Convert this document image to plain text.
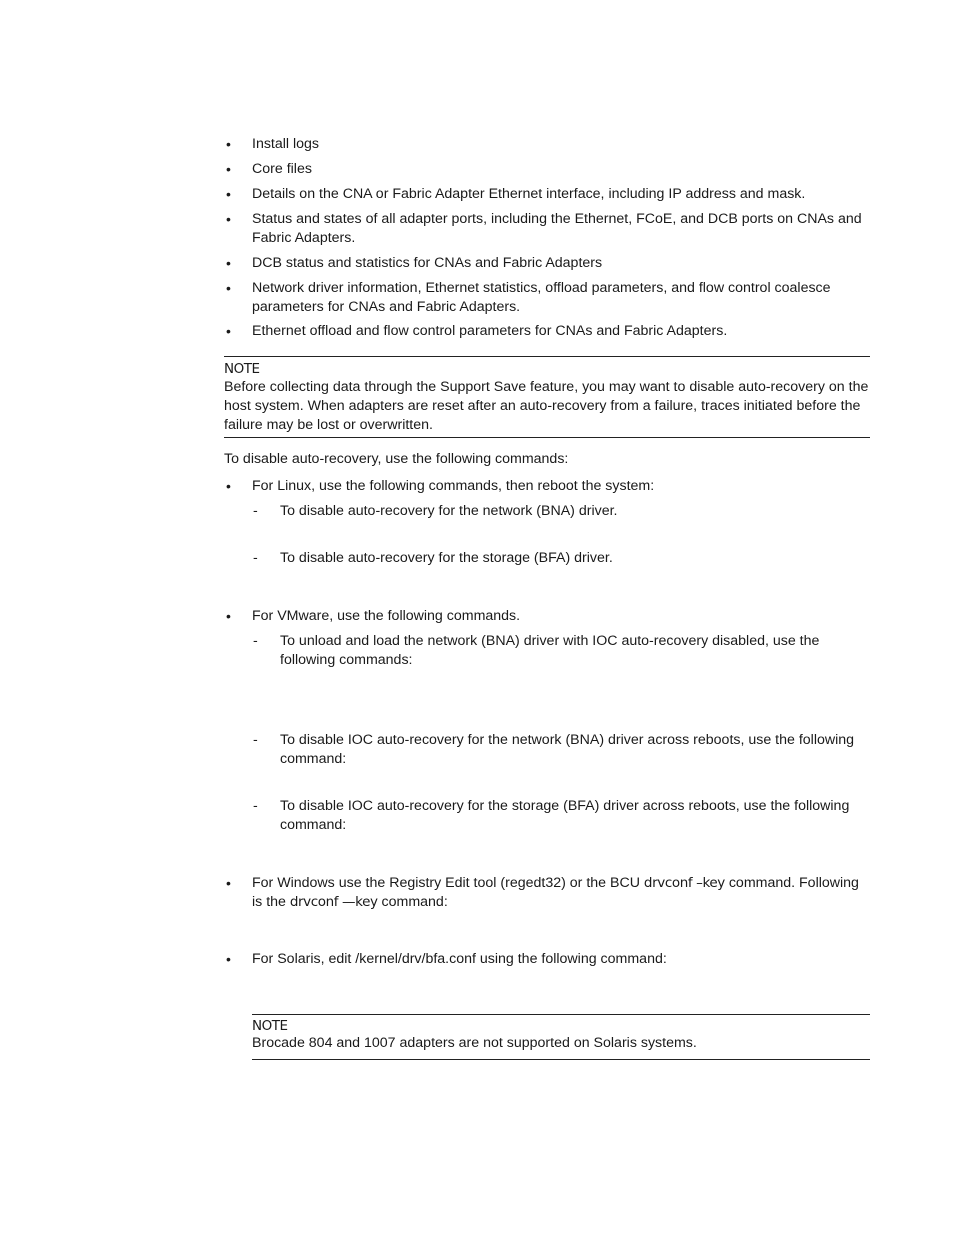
• Install logs
• Core files
• Details on the CNA or Fabric Adapter Ethernet interface, including IP address and mask.
• Status and states of all adapter ports, including the Ethernet, FCoE, and DCB ports on CNAs and Fabric Adapters.
• DCB status and statistics for CNAs and Fabric Adapters
• Network driver information, Ethernet statistics, offload parameters, and flow control coalesce parameters for CNAs and Fabric Adapters.
• Ethernet offload and flow control parameters for CNAs and Fabric Adapters.
NOTE
Before collecting data through the Support Save feature, you may want to disable auto-recovery on the host system. When adapters are reset after an auto-recovery from a failure, traces initiated before the failure may be lost or overwritten.
To disable auto-recovery, use the following commands:
• For Linux, use the following commands, then reboot the system:
- To disable auto-recovery for the network (BNA) driver.
- To disable auto-recovery for the storage (BFA) driver.
• For VMware, use the following commands.
- To unload and load the network (BNA) driver with IOC auto-recovery disabled, use the following commands:
- To disable IOC auto-recovery for the network (BNA) driver across reboots, use the following command:
- To disable IOC auto-recovery for the storage (BFA) driver across reboots, use the following command:
• For Windows use the Registry Edit tool (regedt32) or the BCU drvconf –key command. Following is the drvconf —key command:
• For Solaris, edit /kernel/drv/bfa.conf using the following command:
NOTE
Brocade 804 and 1007 adapters are not supported on Solaris systems.
